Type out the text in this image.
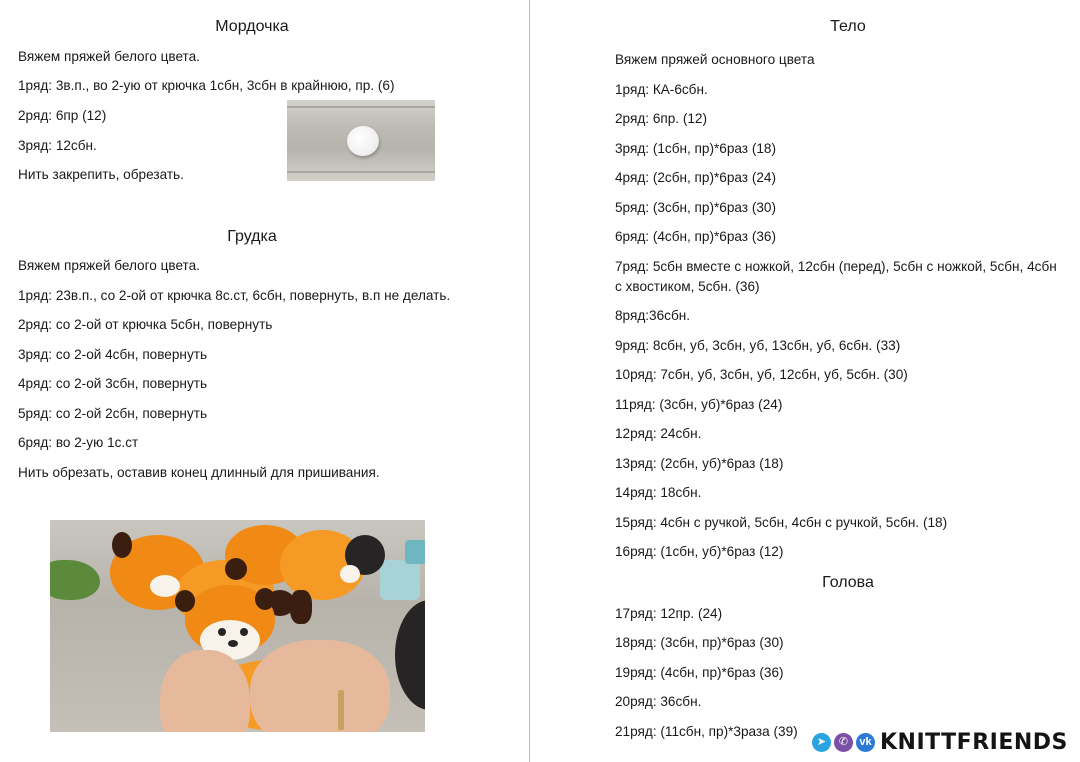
Мордочка
Вяжем пряжей белого цвета.
1ряд: 3в.п., во 2-ую от крючка 1сбн, 3сбн в крайнюю, пр. (6)
2ряд: 6пр (12)
3ряд: 12сбн.
Нить закрепить, обрезать.
Грудка
Вяжем пряжей белого цвета.
1ряд: 23в.п., со 2-ой от крючка 8с.ст, 6сбн, повернуть, в.п не делать.
2ряд: со 2-ой от крючка 5сбн, повернуть
3ряд: со 2-ой 4сбн, повернуть
4ряд: со 2-ой 3сбн, повернуть
5ряд: со 2-ой 2сбн, повернуть
6ряд: во 2-ую 1с.ст
Нить обрезать, оставив конец длинный для пришивания.
Тело
Вяжем пряжей основного цвета
1ряд: КА-6сбн.
2ряд: 6пр. (12)
3ряд: (1сбн, пр)*6раз (18)
4ряд: (2сбн, пр)*6раз (24)
5ряд: (3сбн, пр)*6раз (30)
6ряд: (4сбн, пр)*6раз (36)
7ряд: 5сбн вместе с ножкой, 12сбн (перед), 5сбн с ножкой, 5сбн, 4сбн с хвостиком, 5сбн. (36)
8ряд:36сбн.
9ряд: 8сбн, уб, 3сбн, уб, 13сбн, уб, 6сбн. (33)
10ряд: 7сбн, уб, 3сбн, уб, 12сбн, уб, 5сбн. (30)
11ряд: (3сбн, уб)*6раз (24)
12ряд: 24сбн.
13ряд: (2сбн, уб)*6раз (18)
14ряд: 18сбн.
15ряд: 4сбн с ручкой, 5сбн, 4сбн с ручкой, 5сбн. (18)
16ряд: (1сбн, уб)*6раз (12)
Голова
17ряд: 12пр. (24)
18ряд: (3сбн, пр)*6раз (30)
19ряд: (4сбн, пр)*6раз (36)
20ряд: 36сбн.
21ряд: (11сбн, пр)*3раза (39)
➤	✆	vk KNITTFRIENDS
